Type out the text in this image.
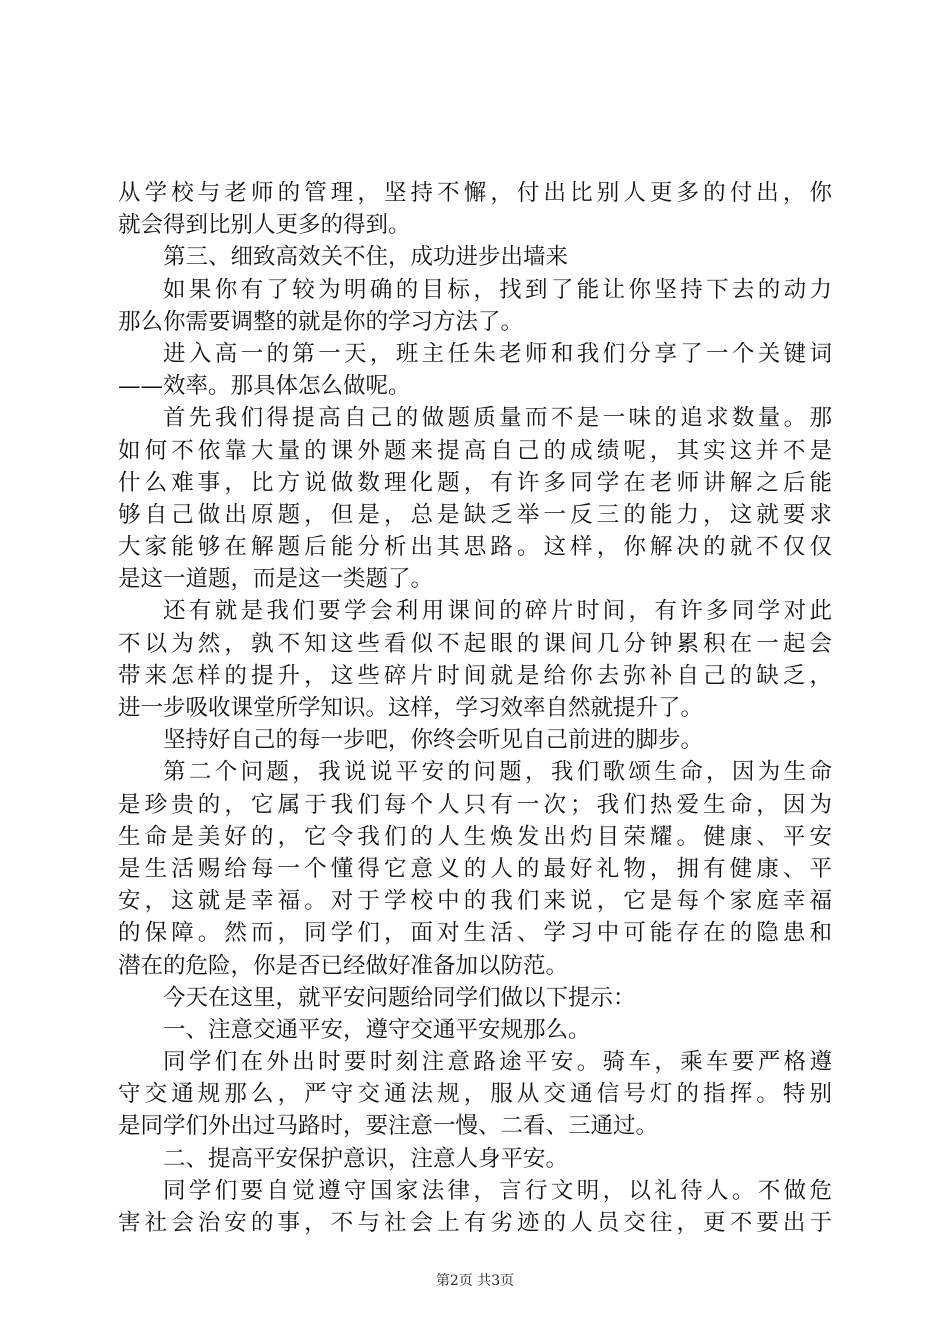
从学校与老师的管理，坚持不懈，付出比别人更多的付出，你
就会得到比别人更多的得到。
第三、细致高效关不住，成功进步出墙来
如果你有了较为明确的目标，找到了能让你坚持下去的动力
那么你需要调整的就是你的学习方法了。
进入高一的第一天，班主任朱老师和我们分享了一个关键词
——效率。那具体怎么做呢。
首先我们得提高自己的做题质量而不是一味的追求数量。那
如何不依靠大量的课外题来提高自己的成绩呢，其实这并不是
什么难事，比方说做数理化题，有许多同学在老师讲解之后能
够自己做出原题，但是，总是缺乏举一反三的能力，这就要求
大家能够在解题后能分析出其思路。这样，你解决的就不仅仅
是这一道题，而是这一类题了。
还有就是我们要学会利用课间的碎片时间，有许多同学对此
不以为然，孰不知这些看似不起眼的课间几分钟累积在一起会
带来怎样的提升，这些碎片时间就是给你去弥补自己的缺乏，
进一步吸收课堂所学知识。这样，学习效率自然就提升了。
坚持好自己的每一步吧，你终会听见自己前进的脚步。
第二个问题，我说说平安的问题，我们歌颂生命，因为生命
是珍贵的，它属于我们每个人只有一次；我们热爱生命，因为
生命是美好的，它令我们的人生焕发出灼目荣耀。健康、平安
是生活赐给每一个懂得它意义的人的最好礼物，拥有健康、平
安，这就是幸福。对于学校中的我们来说，它是每个家庭幸福
的保障。然而，同学们，面对生活、学习中可能存在的隐患和
潜在的危险，你是否已经做好准备加以防范。
今天在这里，就平安问题给同学们做以下提示：
一、注意交通平安，遵守交通平安规那么。
同学们在外出时要时刻注意路途平安。骑车，乘车要严格遵
守交通规那么，严守交通法规，服从交通信号灯的指挥。特别
是同学们外出过马路时，要注意一慢、二看、三通过。
二、提高平安保护意识，注意人身平安。
同学们要自觉遵守国家法律，言行文明，以礼待人。不做危
害社会治安的事，不与社会上有劣迹的人员交往，更不要出于
第2页 共3页
